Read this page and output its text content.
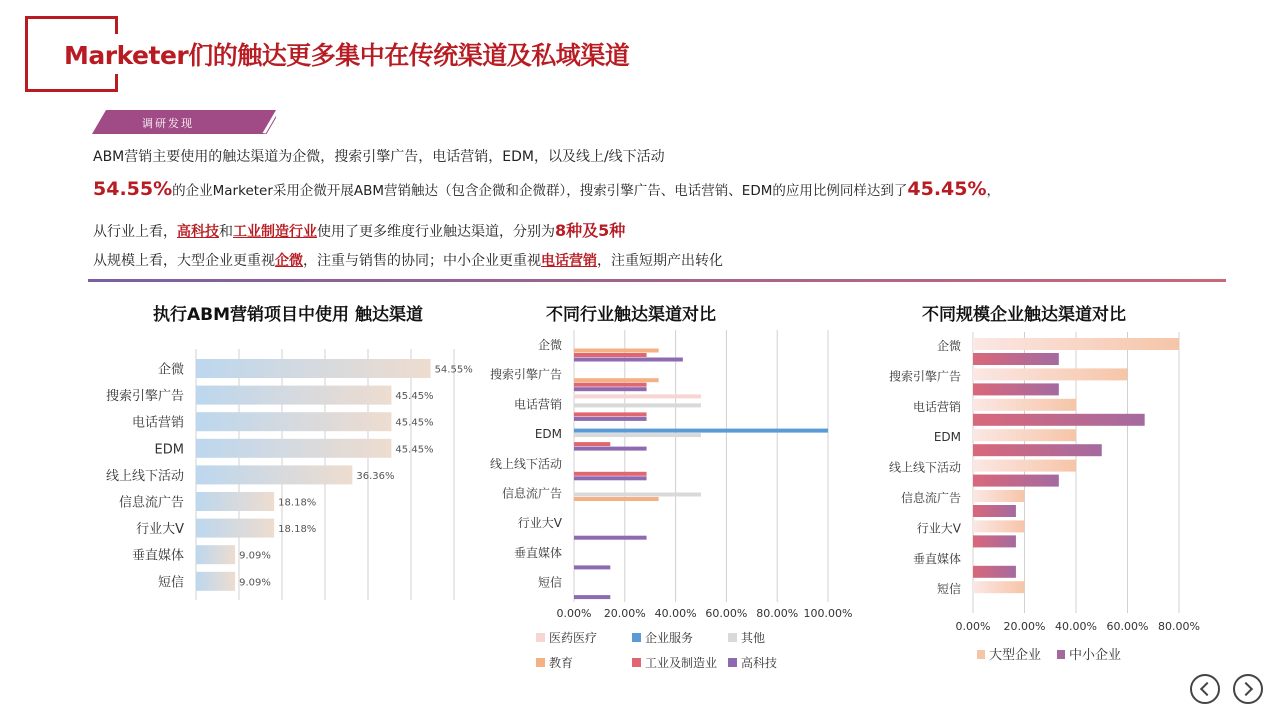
Marketer们的触达更多集中在传统渠道及私域渠道
调研发现
ABM营销主要使用的触达渠道为企微，搜索引擎广告，电话营销，EDM，以及线上/线下活动
54.55%的企业Marketer采用企微开展ABM营销触达（包含企微和企微群），搜索引擎广告、电话营销、EDM的应用比例同样达到了45.45%，
从行业上看，高科技和工业制造行业使用了更多维度行业触达渠道，分别为8种及5种
从规模上看，大型企业更重视企微，注重与销售的协同；中小企业更重视电话营销，注重短期产出转化
执行ABM营销项目中使用 触达渠道	不同行业触达渠道对比	不同规模企业触达渠道对比
企微	54.55%
搜索引擎广告	45.45%
电话营销	45.45%
EDM	45.45%
线上线下活动	36.36%
信息流广告	18.18%
行业大V	18.18%
垂直媒体	9.09%
短信	9.09%
0.00% 20.00% 40.00% 60.00% 80.00% 100.00%
企微
搜索引擎广告
电话营销
EDM
线上线下活动
信息流广告
行业大V
垂直媒体
短信
医药医疗	企业服务	其他
教育	工业及制造业 高科技
0.00% 20.00% 40.00% 60.00% 80.00%
企微
搜索引擎广告
电话营销
EDM
线上线下活动
信息流广告
行业大V
垂直媒体
短信
大型企业 中小企业
